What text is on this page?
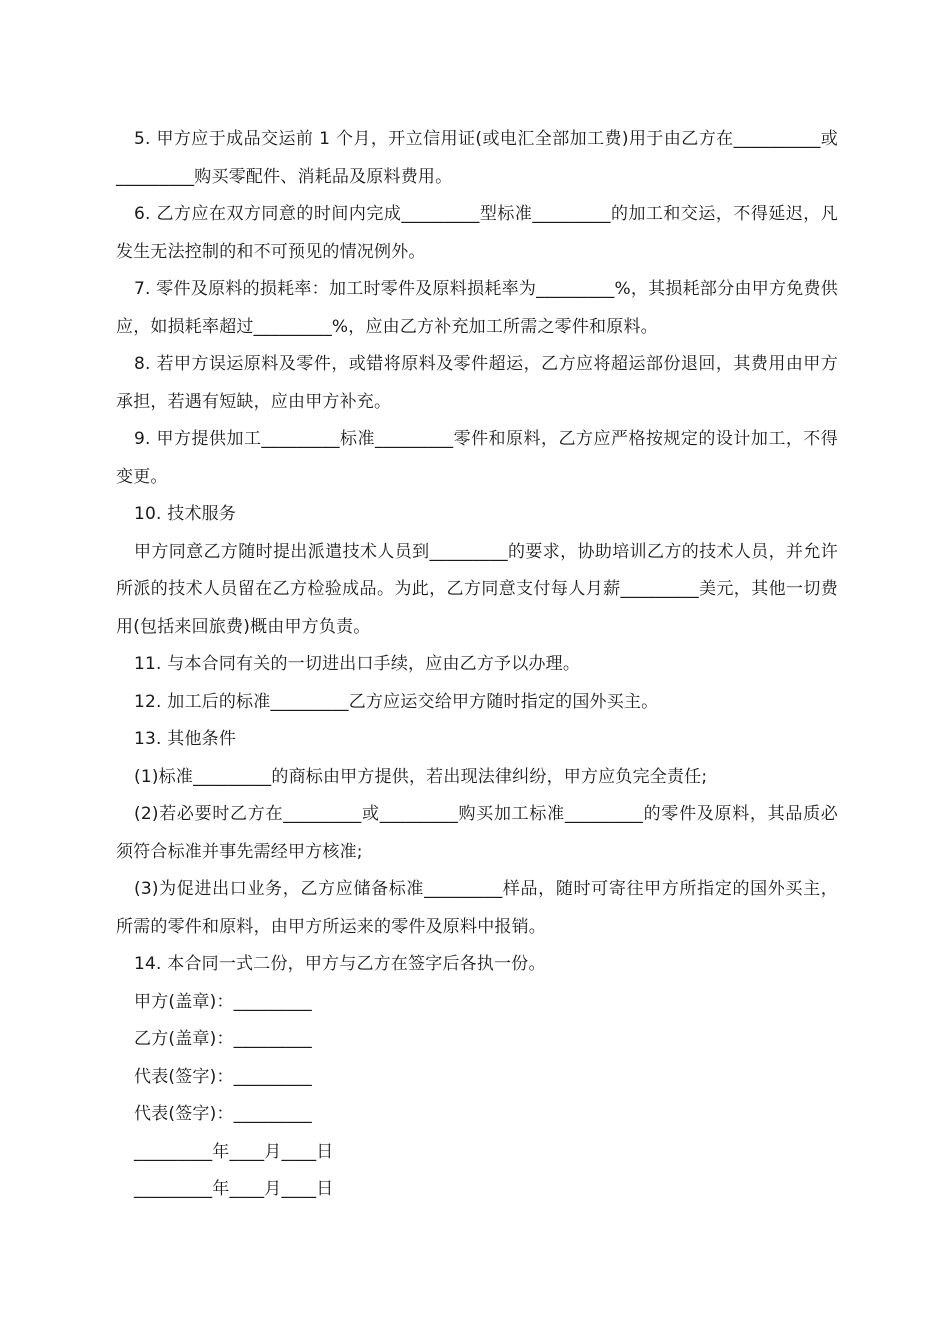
5. 甲方应于成品交运前 1 个月，开立信用证(或电汇全部加工费)用于由乙方在__________或_________购买零配件、消耗品及原料费用。

6. 乙方应在双方同意的时间内完成_________型标准_________的加工和交运，不得延迟，凡发生无法控制的和不可预见的情况例外。

7. 零件及原料的损耗率：加工时零件及原料损耗率为_________%，其损耗部分由甲方免费供应，如损耗率超过_________%，应由乙方补充加工所需之零件和原料。

8. 若甲方误运原料及零件，或错将原料及零件超运，乙方应将超运部份退回，其费用由甲方承担，若遇有短缺，应由甲方补充。

9. 甲方提供加工_________标准_________零件和原料，乙方应严格按规定的设计加工，不得变更。

10. 技术服务

甲方同意乙方随时提出派遣技术人员到_________的要求，协助培训乙方的技术人员，并允许所派的技术人员留在乙方检验成品。为此，乙方同意支付每人月薪_________美元，其他一切费用(包括来回旅费)概由甲方负责。

11. 与本合同有关的一切进出口手续，应由乙方予以办理。

12. 加工后的标准_________乙方应运交给甲方随时指定的国外买主。

13. 其他条件

(1)标准_________的商标由甲方提供，若出现法律纠纷，甲方应负完全责任;

(2)若必要时乙方在_________或_________购买加工标准_________的零件及原料，其品质必须符合标准并事先需经甲方核准;

(3)为促进出口业务，乙方应储备标准_________样品，随时可寄往甲方所指定的国外买主，所需的零件和原料，由甲方所运来的零件及原料中报销。

14. 本合同一式二份，甲方与乙方在签字后各执一份。

甲方(盖章)：_________

乙方(盖章)：_________

代表(签字)：_________

代表(签字)：_________

_________年____月____日

_________年____月____日
